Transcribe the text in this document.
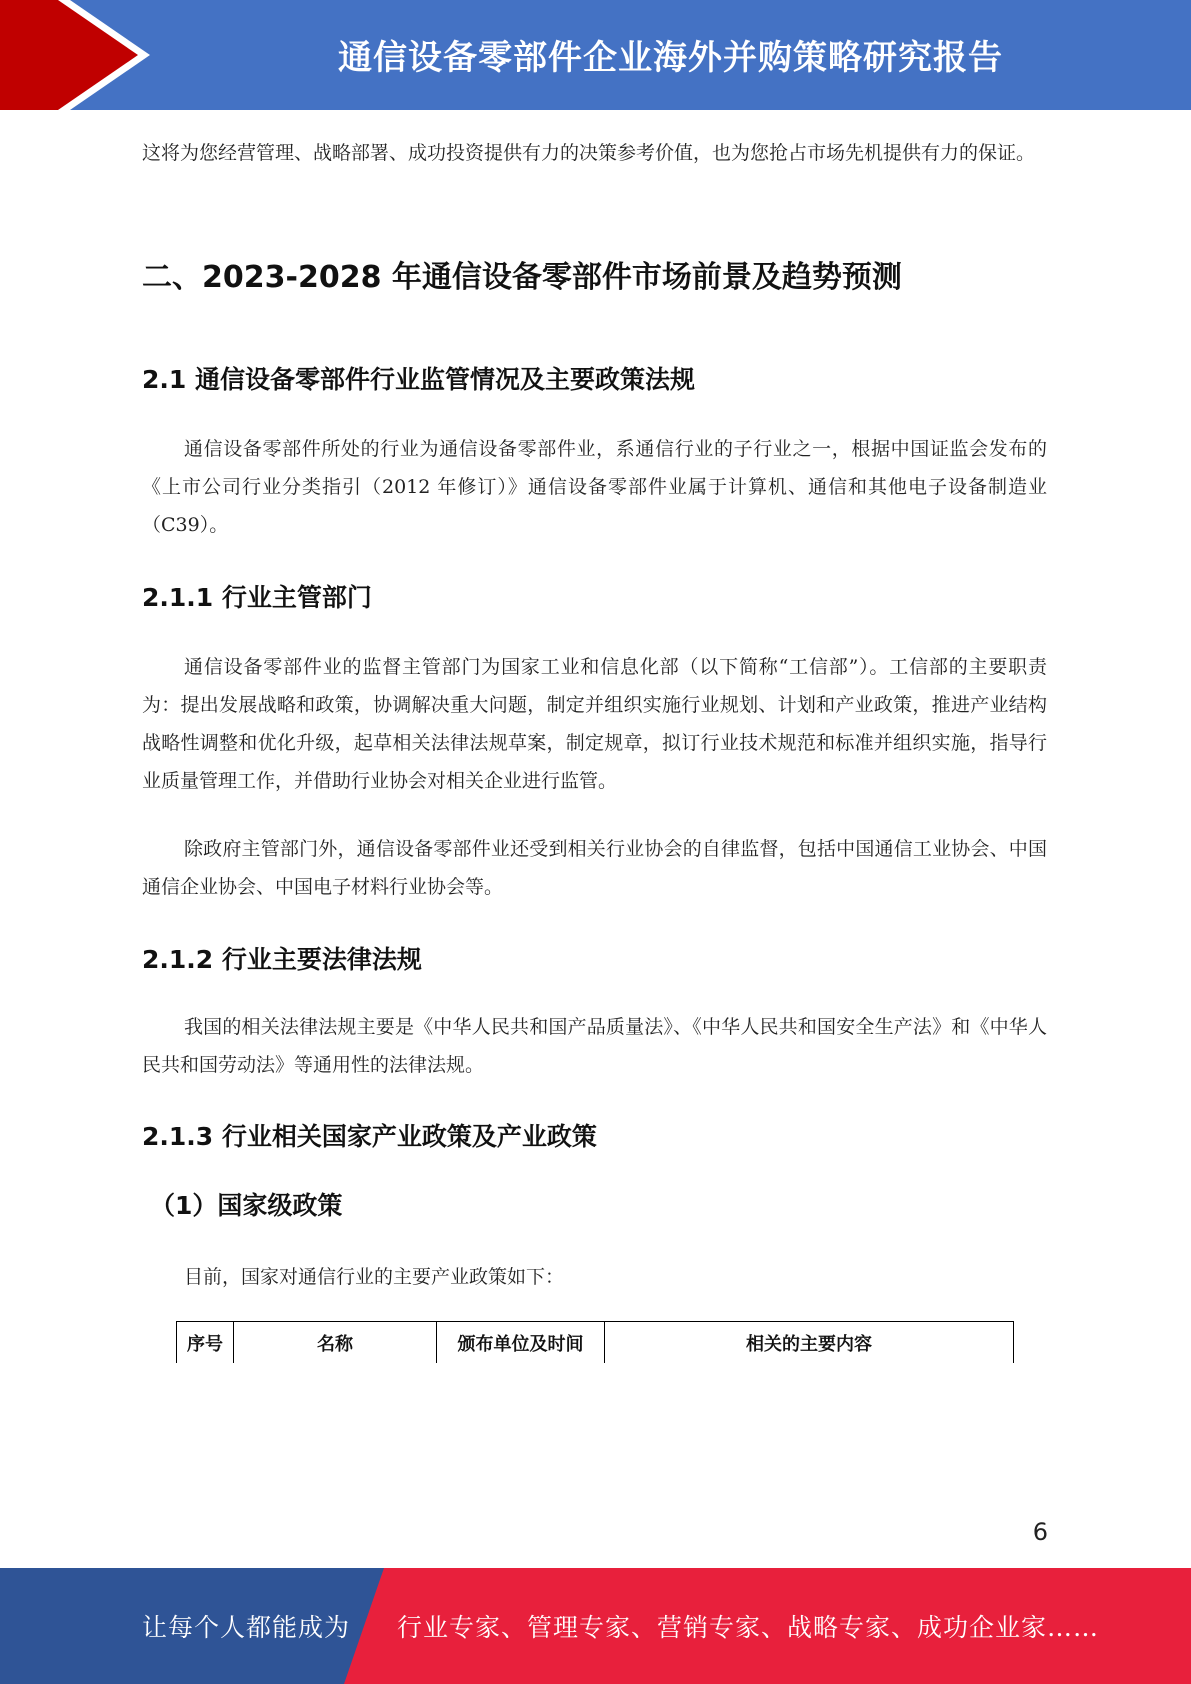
通信设备零部件企业海外并购策略研究报告

这将为您经营管理、战略部署、成功投资提供有力的决策参考价值，也为您抢占市场先机提供有力的保证。

二、2023-2028 年通信设备零部件市场前景及趋势预测
2.1 通信设备零部件行业监管情况及主要政策法规

通信设备零部件所处的行业为通信设备零部件业，系通信行业的子行业之一，根据中国证监会发布的《上市公司行业分类指引（2012 年修订）》通信设备零部件业属于计算机、通信和其他电子设备制造业（C39）。

2.1.1 行业主管部门

通信设备零部件业的监督主管部门为国家工业和信息化部（以下简称“工信部”）。工信部的主要职责为：提出发展战略和政策，协调解决重大问题，制定并组织实施行业规划、计划和产业政策，推进产业结构战略性调整和优化升级，起草相关法律法规草案，制定规章，拟订行业技术规范和标准并组织实施，指导行业质量管理工作，并借助行业协会对相关企业进行监管。

除政府主管部门外，通信设备零部件业还受到相关行业协会的自律监督，包括中国通信工业协会、中国通信企业协会、中国电子材料行业协会等。

2.1.2 行业主要法律法规

我国的相关法律法规主要是《中华人民共和国产品质量法》、《中华人民共和国安全生产法》和《中华人民共和国劳动法》等通用性的法律法规。

2.1.3 行业相关国家产业政策及产业政策
（1）国家级政策

目前，国家对通信行业的主要产业政策如下：

序号	名称	颁布单位及时间	相关的主要内容
6
让每个人都能成为 行业专家、管理专家、营销专家、战略专家、成功企业家……
